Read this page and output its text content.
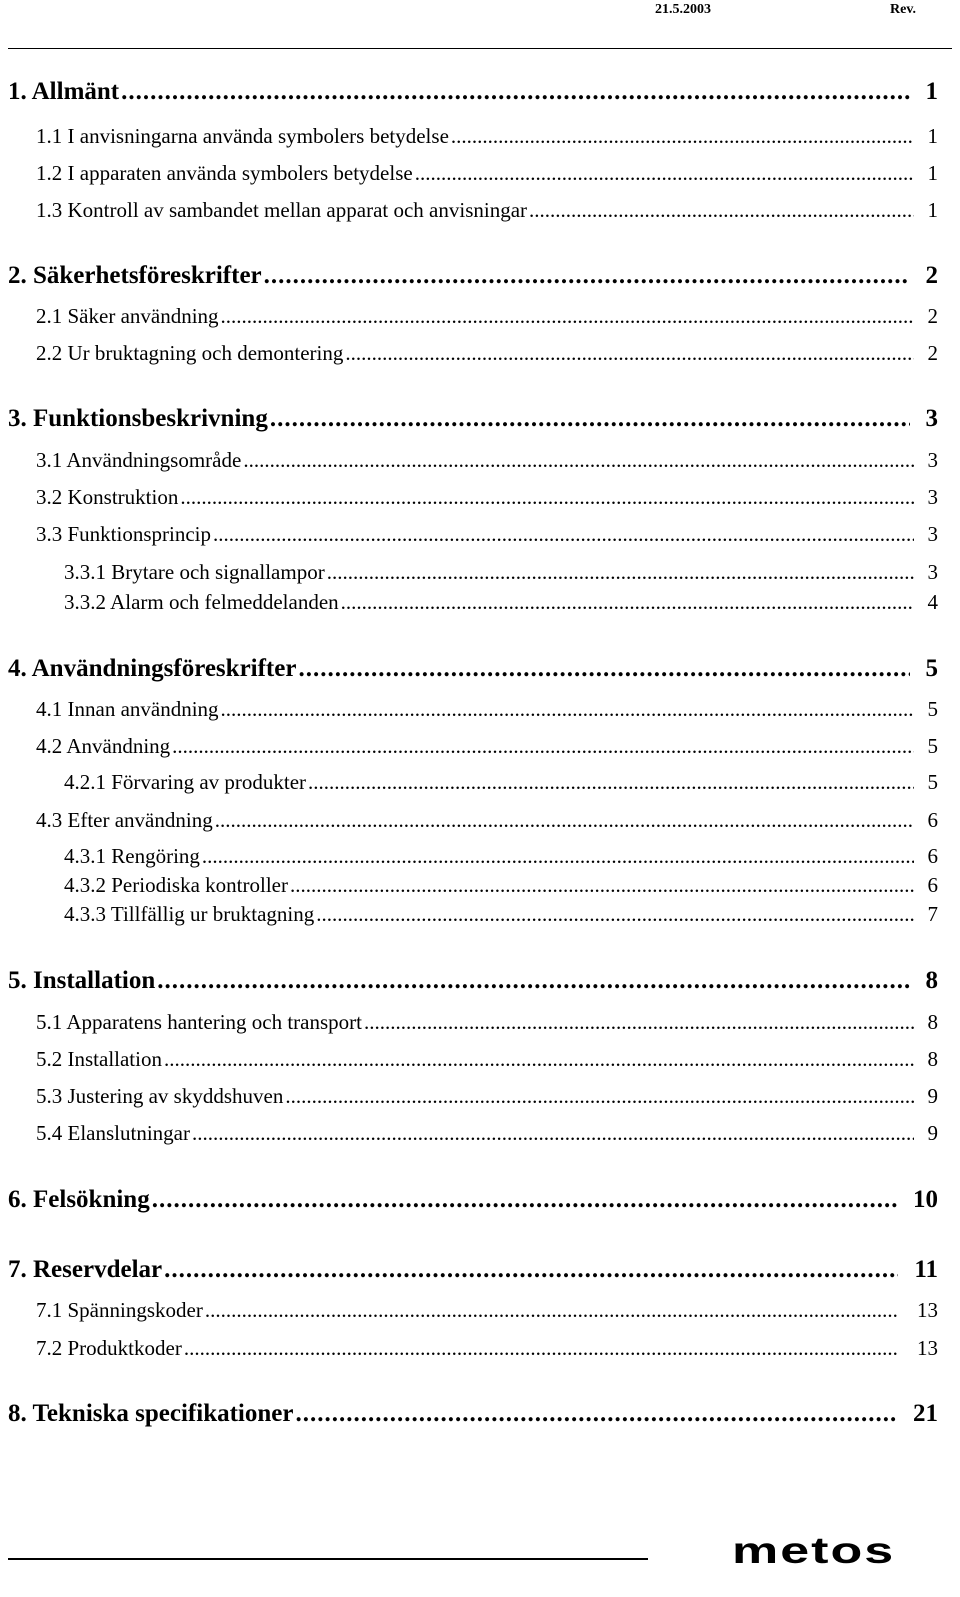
21.5.2003	Rev.
1. Allmänt .....	1
1.1 I anvisningarna använda symbolers betydelse .....	1
1.2 I apparaten använda symbolers betydelse .....	1
1.3 Kontroll av sambandet mellan apparat och anvisningar .....	1
2. Säkerhetsföreskrifter .....	2
2.1 Säker användning .....	2
2.2 Ur bruktagning och demontering .....	2
3. Funktionsbeskrivning .....	3
3.1 Användningsområde .....	3
3.2 Konstruktion .....	3
3.3 Funktionsprincip .....	3
3.3.1 Brytare och signallampor .....	3
3.3.2 Alarm och felmeddelanden .....	4
4. Användningsföreskrifter .....	5
4.1 Innan användning .....	5
4.2 Användning .....	5
4.2.1 Förvaring av produkter .....	5
4.3 Efter användning .....	6
4.3.1 Rengöring .....	6
4.3.2 Periodiska kontroller .....	6
4.3.3 Tillfällig ur bruktagning .....	7
5. Installation .....	8
5.1 Apparatens hantering och transport .....	8
5.2 Installation .....	8
5.3 Justering av skyddshuven .....	9
5.4 Elanslutningar .....	9
6. Felsökning .....	10
7. Reservdelar .....	11
7.1 Spänningskoder .....	13
7.2 Produktkoder .....	13
8. Tekniska specifikationer .....	21
metos
